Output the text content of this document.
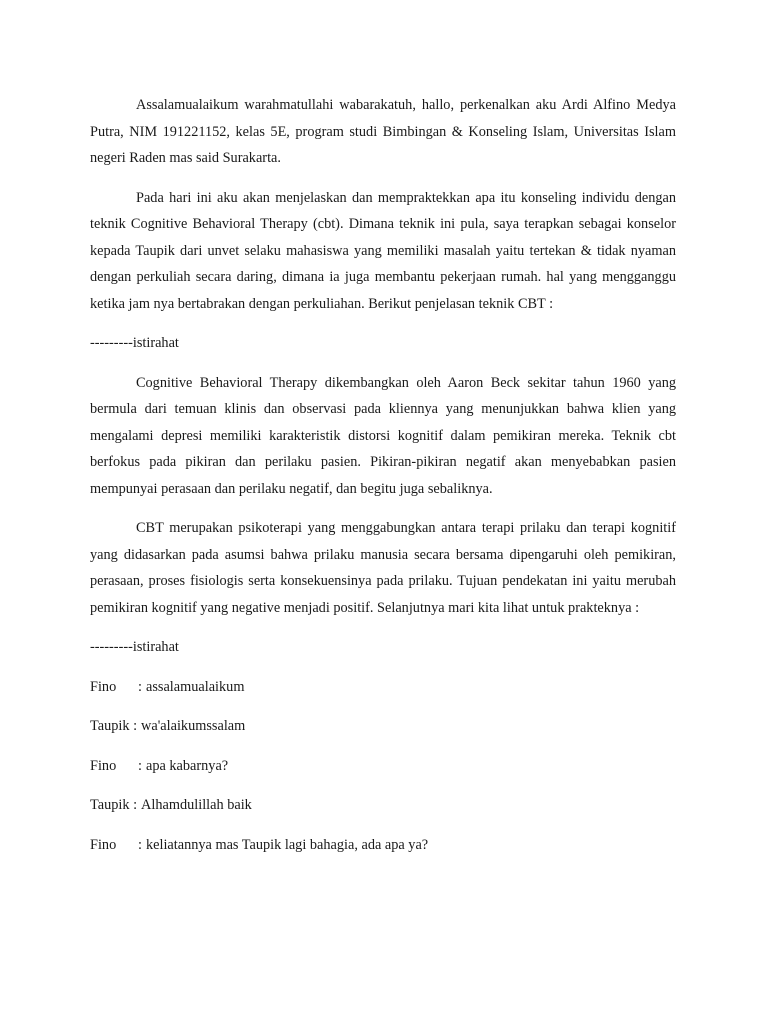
Assalamualaikum warahmatullahi wabarakatuh, hallo, perkenalkan aku Ardi Alfino Medya Putra, NIM 191221152, kelas 5E, program studi Bimbingan & Konseling Islam, Universitas Islam negeri Raden mas said Surakarta.

Pada hari ini aku akan menjelaskan dan mempraktekkan apa itu konseling individu dengan teknik Cognitive Behavioral Therapy (cbt). Dimana teknik ini pula, saya terapkan sebagai konselor kepada Taupik dari unvet selaku mahasiswa yang memiliki masalah yaitu tertekan & tidak nyaman dengan perkuliah secara daring, dimana ia juga membantu pekerjaan rumah. hal yang mengganggu ketika jam nya bertabrakan dengan perkuliahan. Berikut penjelasan teknik CBT :

---------istirahat

Cognitive Behavioral Therapy dikembangkan oleh Aaron Beck sekitar tahun 1960 yang bermula dari temuan klinis dan observasi pada kliennya yang menunjukkan bahwa klien yang mengalami depresi memiliki karakteristik distorsi kognitif dalam pemikiran mereka. Teknik cbt berfokus pada pikiran dan perilaku pasien. Pikiran-pikiran negatif akan menyebabkan pasien mempunyai perasaan dan perilaku negatif, dan begitu juga sebaliknya.

CBT merupakan psikoterapi yang menggabungkan antara terapi prilaku dan terapi kognitif yang didasarkan pada asumsi bahwa prilaku manusia secara bersama dipengaruhi oleh pemikiran, perasaan, proses fisiologis serta konsekuensinya pada prilaku. Tujuan pendekatan ini yaitu merubah pemikiran kognitif yang negative menjadi positif. Selanjutnya mari kita lihat untuk prakteknya :

---------istirahat

Fino : assalamualaikum

Taupik : wa'alaikumssalam

Fino : apa kabarnya?

Taupik : Alhamdulillah baik

Fino : keliatannya mas Taupik lagi bahagia, ada apa ya?
